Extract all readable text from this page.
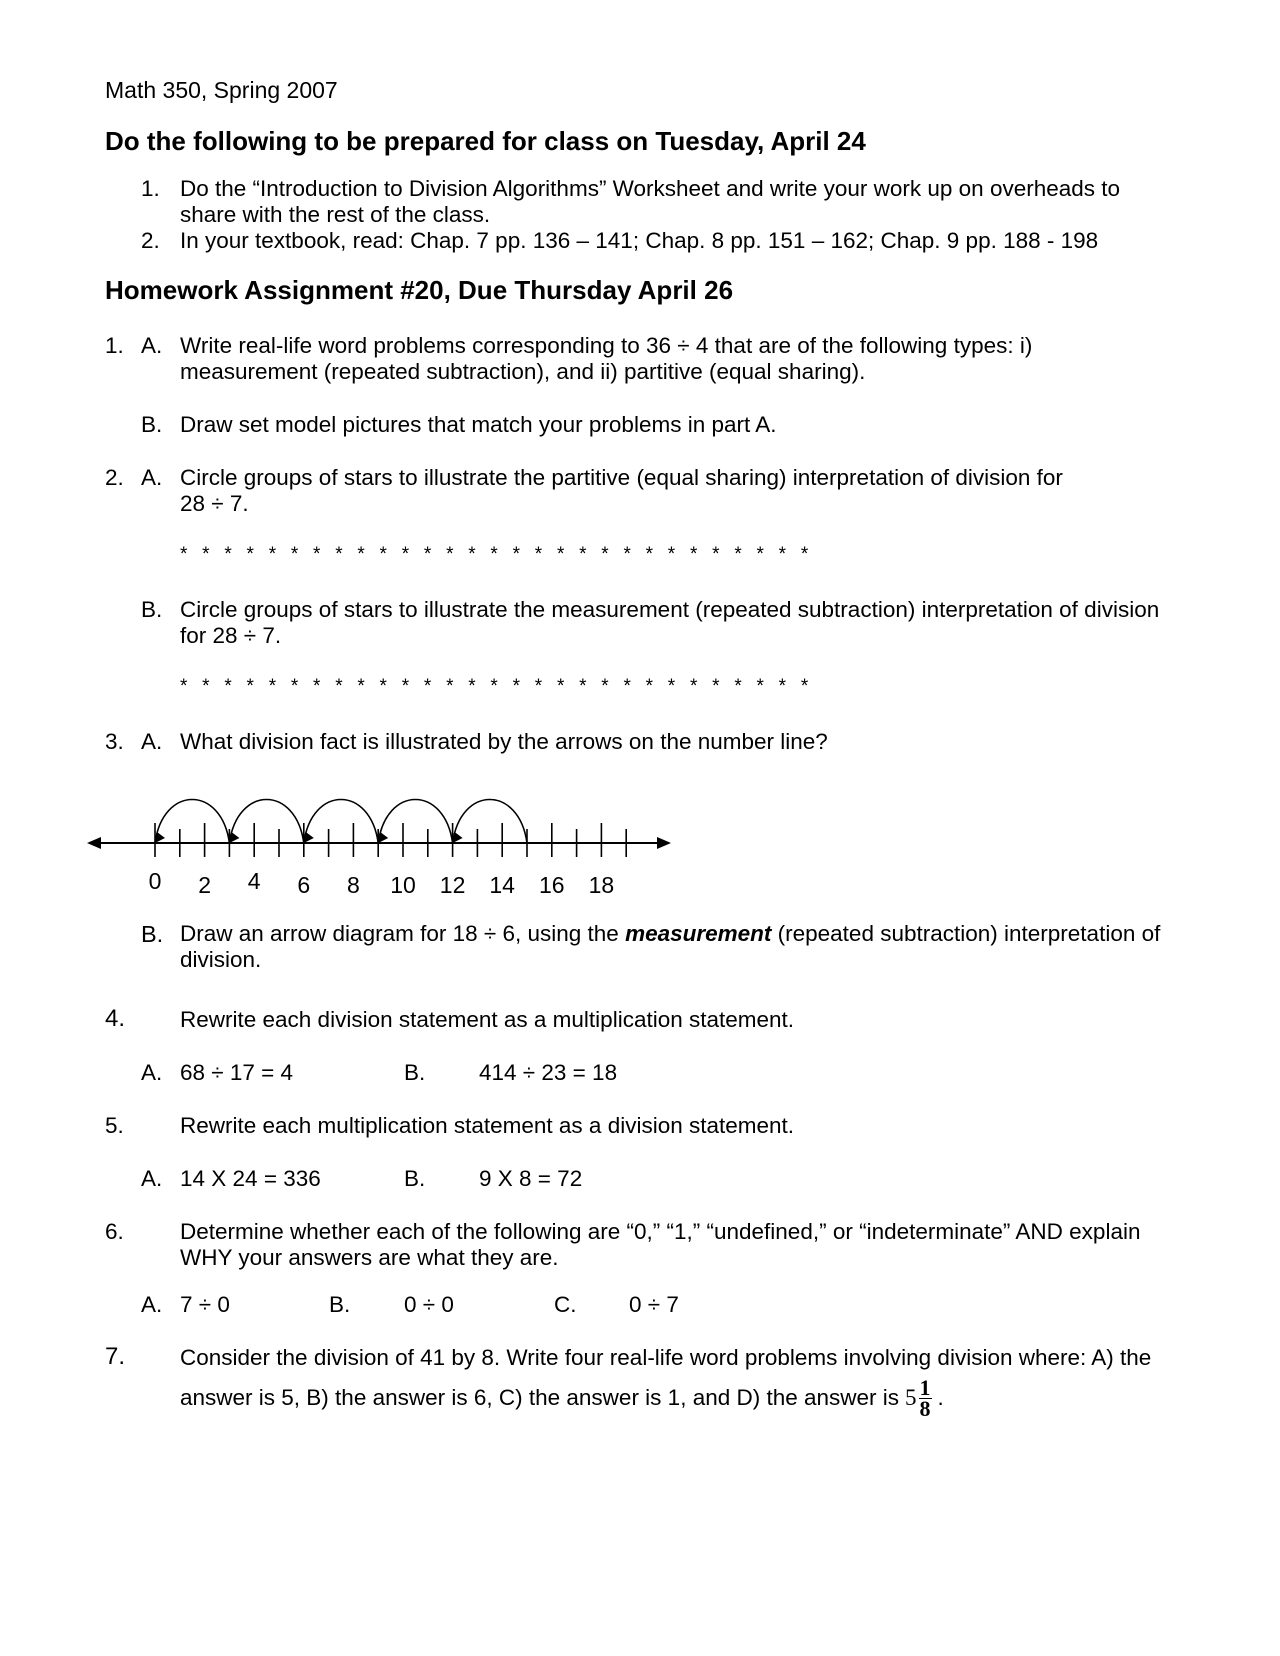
Math 350, Spring 2007
Do the following to be prepared for class on Tuesday, April 24
1. Do the “Introduction to Division Algorithms” Worksheet and write your work up on overheads to
share with the rest of the class.
2. In your textbook, read: Chap. 7 pp. 136 – 141; Chap. 8 pp. 151 – 162; Chap. 9 pp. 188 - 198
Homework Assignment #20, Due Thursday April 26
1. A. Write real-life word problems corresponding to 36 ÷ 4 that are of the following types: i)
measurement (repeated subtraction), and ii) partitive (equal sharing).
B. Draw set model pictures that match your problems in part A.
2. A. Circle groups of stars to illustrate the partitive (equal sharing) interpretation of division for
28 ÷ 7.
* * * * * * * * * * * * * * * * * * * * * * * * * * * * *
B. Circle groups of stars to illustrate the measurement (repeated subtraction) interpretation of division
for 28 ÷ 7.
* * * * * * * * * * * * * * * * * * * * * * * * * * * * *
3. A. What division fact is illustrated by the arrows on the number line?
0 2 4 6 8 10 12 14 16 18
B. Draw an arrow diagram for 18 ÷ 6, using the measurement (repeated subtraction) interpretation of
division.
4. Rewrite each division statement as a multiplication statement.
A. 68 ÷ 17 = 4	B. 414 ÷ 23 = 18
5. Rewrite each multiplication statement as a division statement.
A. 14 X 24 = 336	B. 9 X 8 = 72
6. Determine whether each of the following are “0,” “1,” “undefined,” or “indeterminate” AND explain
WHY your answers are what they are.
A. 7 ÷ 0	B. 0 ÷ 0	C. 0 ÷ 7
7. Consider the division of 41 by 8. Write four real-life word problems involving division where: A) the
answer is 5, B) the answer is 6, C) the answer is 1, and D) the answer is $5 \frac{1}{8}$ .
